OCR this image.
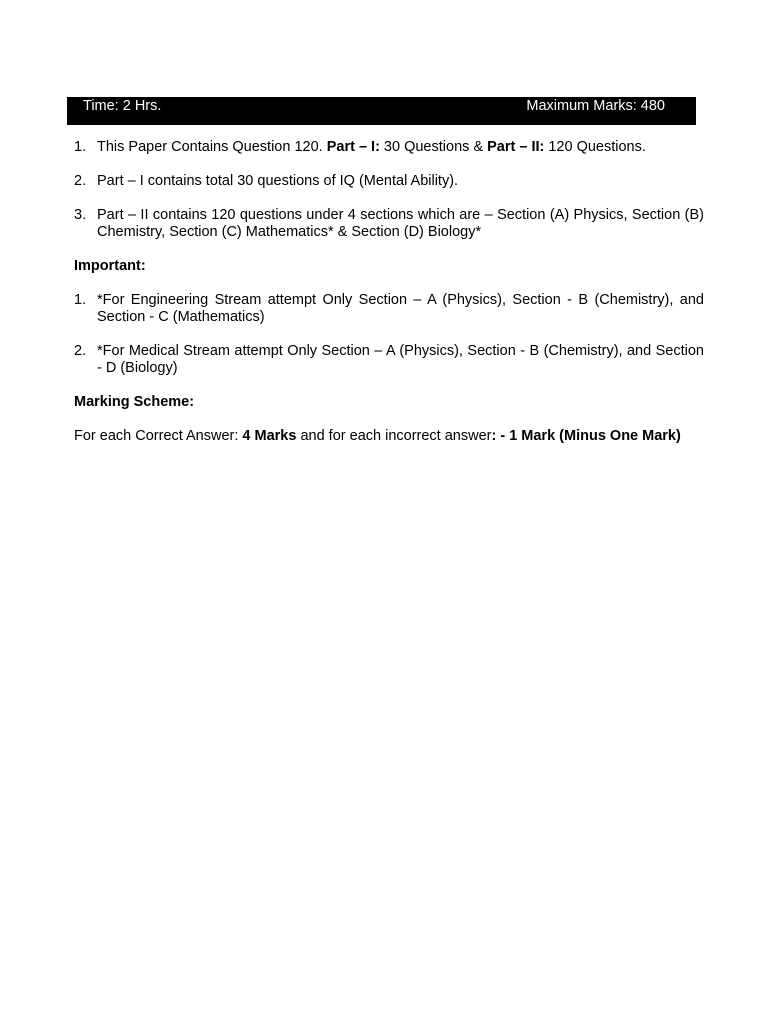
Time: 2 Hrs.	Maximum Marks: 480
1. This Paper Contains Question 120. Part – I: 30 Questions & Part – II: 120 Questions.
2. Part – I contains total 30 questions of IQ (Mental Ability).
3. Part – II contains 120 questions under 4 sections which are – Section (A) Physics, Section (B) Chemistry, Section (C) Mathematics* & Section (D) Biology*
Important:
1. *For Engineering Stream attempt Only Section – A (Physics), Section - B (Chemistry), and Section - C (Mathematics)
2. *For Medical Stream attempt Only Section – A (Physics), Section - B (Chemistry), and Section - D (Biology)
Marking Scheme:
For each Correct Answer: 4 Marks and for each incorrect answer: - 1 Mark (Minus One Mark)
